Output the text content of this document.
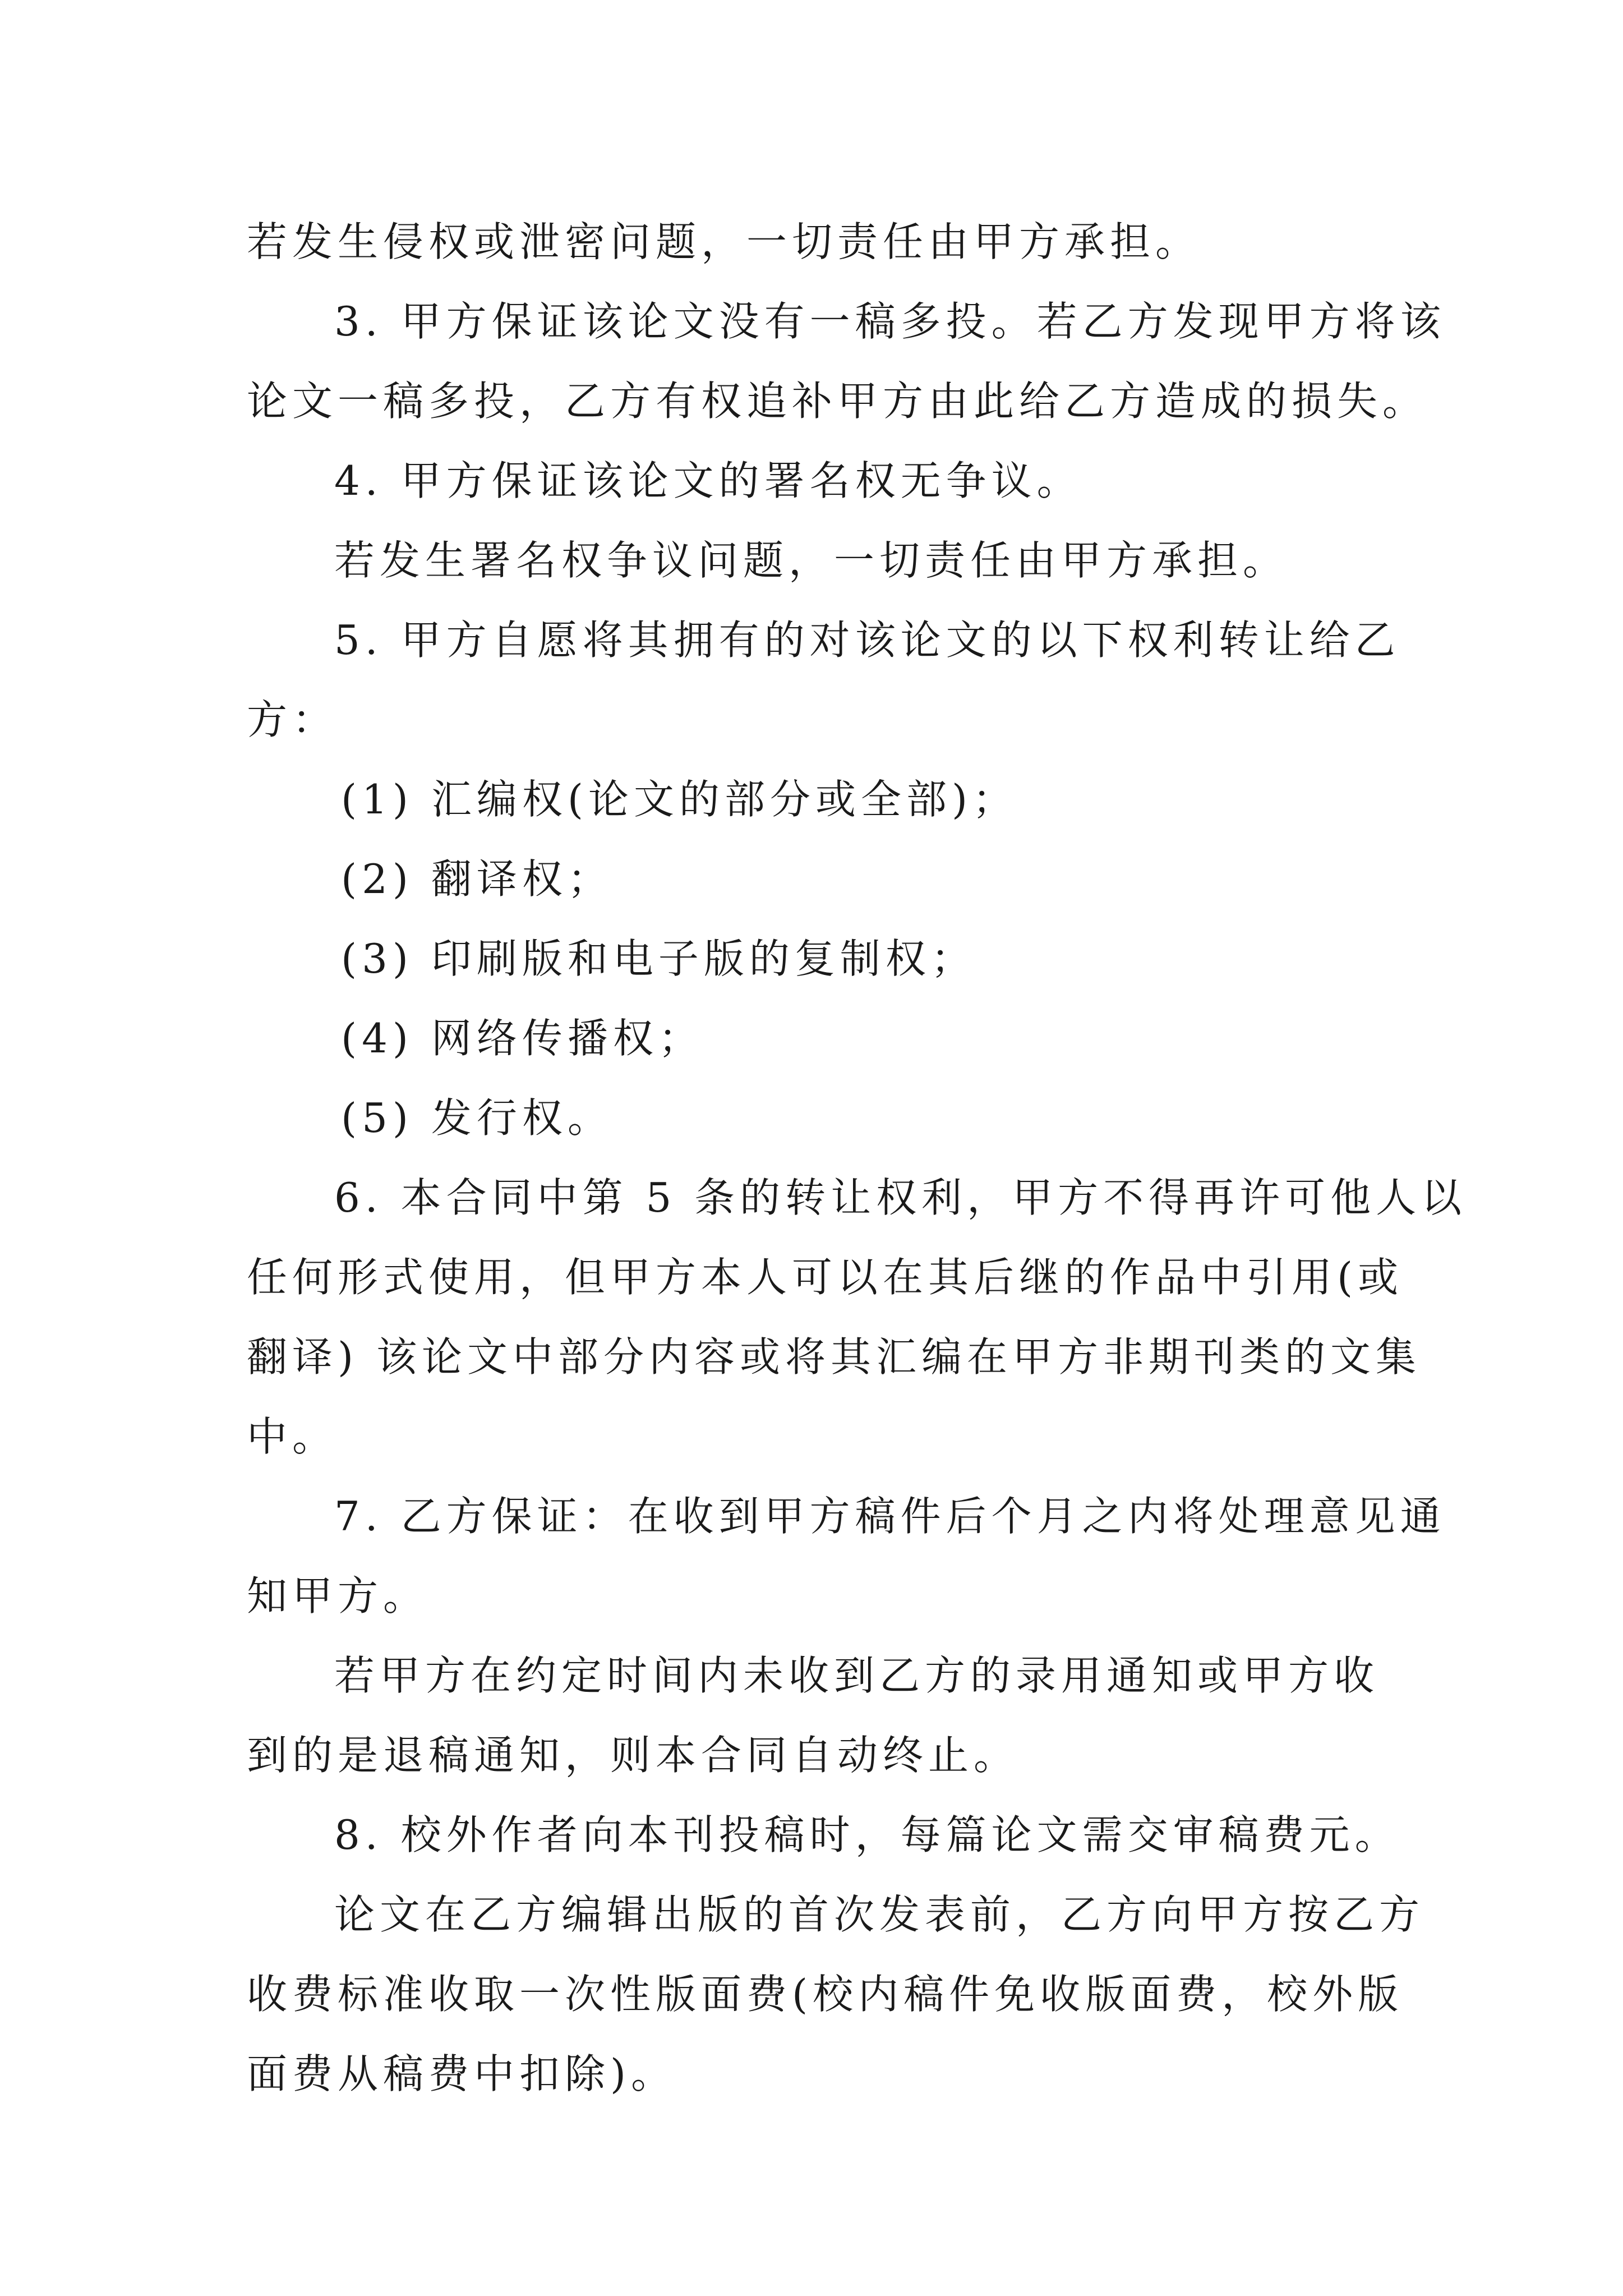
若发生侵权或泄密问题，一切责任由甲方承担。
3. 甲方保证该论文没有一稿多投。若乙方发现甲方将该
论文一稿多投，乙方有权追补甲方由此给乙方造成的损失。
4. 甲方保证该论文的署名权无争议。
若发生署名权争议问题，一切责任由甲方承担。
5. 甲方自愿将其拥有的对该论文的以下权利转让给乙
方：
(1) 汇编权(论文的部分或全部)；
(2) 翻译权；
(3) 印刷版和电子版的复制权；
(4) 网络传播权；
(5) 发行权。
6. 本合同中第 5 条的转让权利，甲方不得再许可他人以
任何形式使用，但甲方本人可以在其后继的作品中引用(或
翻译) 该论文中部分内容或将其汇编在甲方非期刊类的文集
中。
7. 乙方保证：在收到甲方稿件后个月之内将处理意见通
知甲方。
若甲方在约定时间内未收到乙方的录用通知或甲方收
到的是退稿通知，则本合同自动终止。
8. 校外作者向本刊投稿时，每篇论文需交审稿费元。
论文在乙方编辑出版的首次发表前，乙方向甲方按乙方
收费标准收取一次性版面费(校内稿件免收版面费，校外版
面费从稿费中扣除)。
